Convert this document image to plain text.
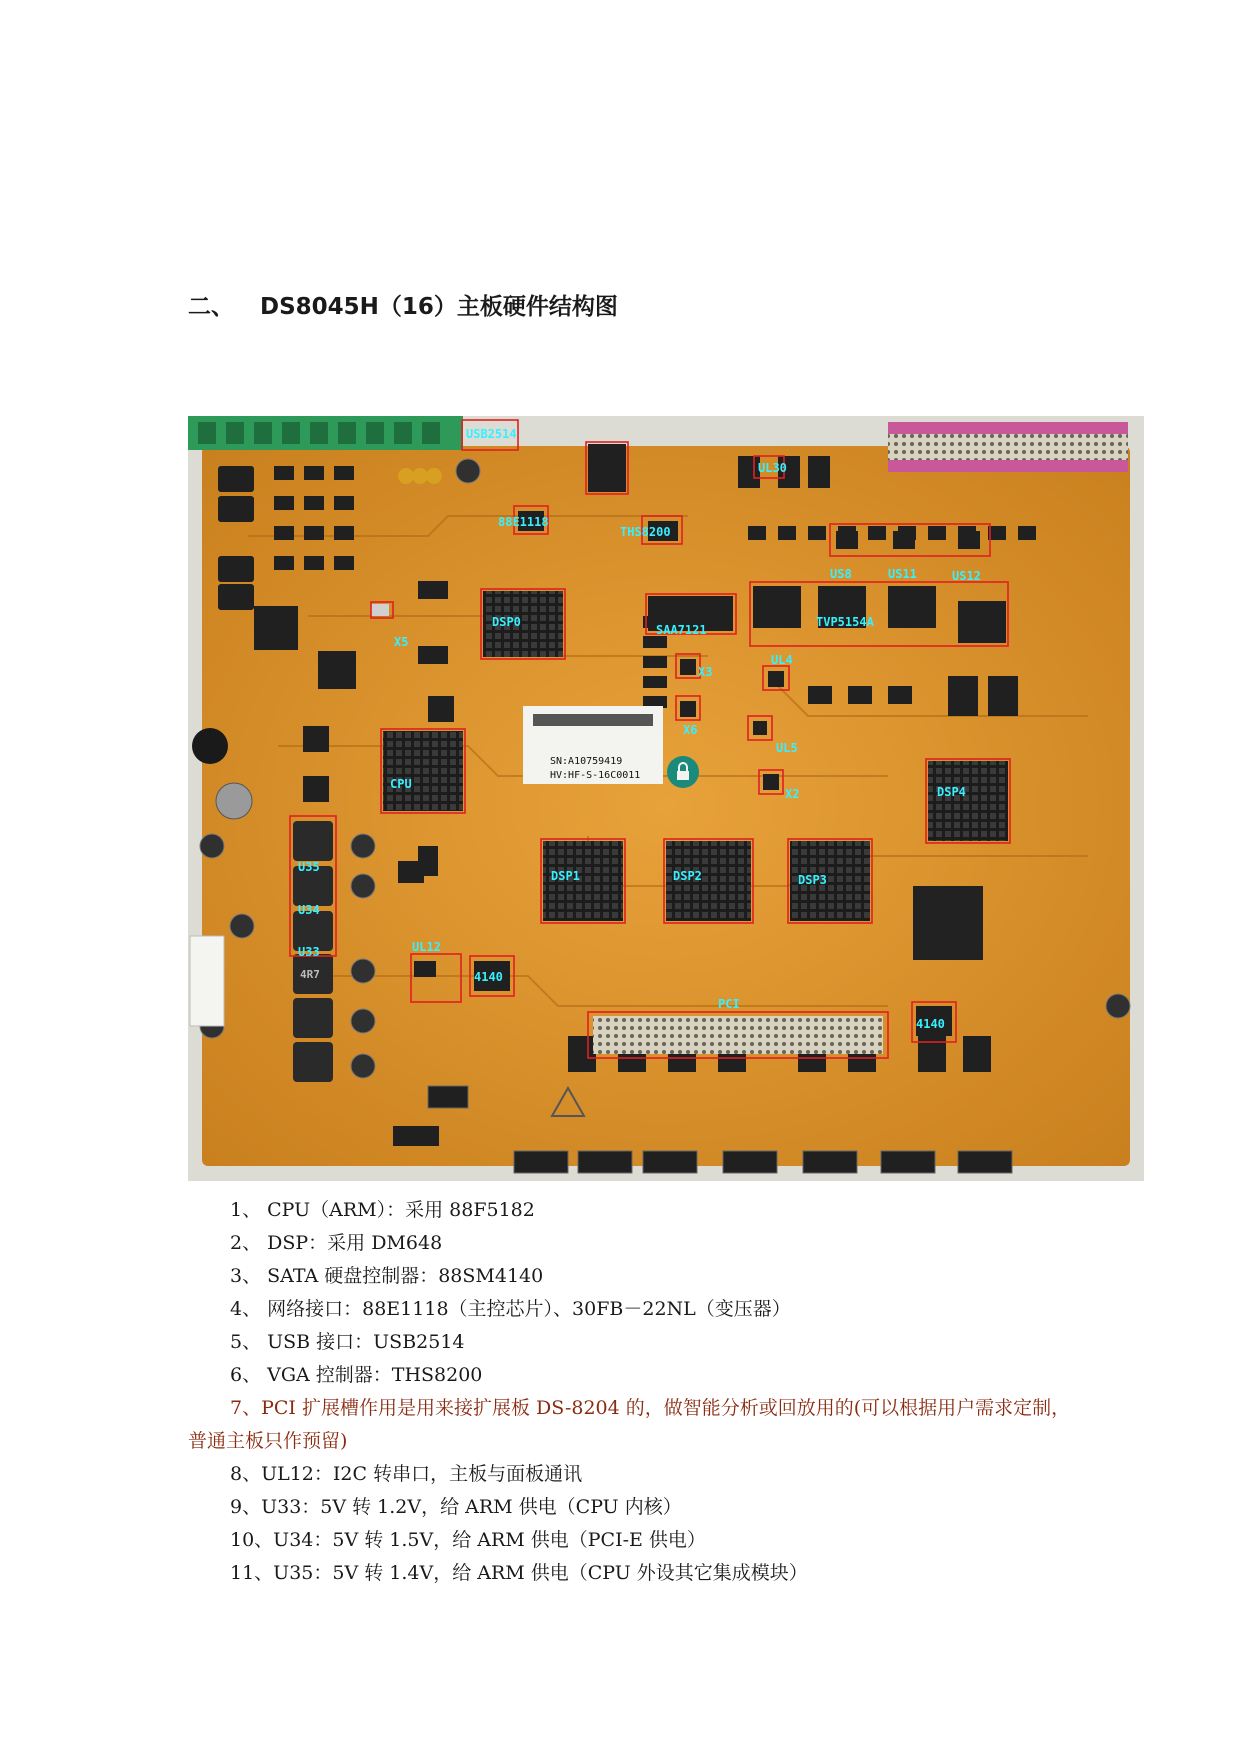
二、 DS8045H（16）主板硬件结构图
4R7
SN:A10759419
HV:HF-S-16C0011
USB2514
88E1118
THS8200
UL30
US8	US11	US12
DSP0
X5
SAA7121
TVP5154A
X3
UL4
X6
UL5
X2
CPU
DSP4
DSP1	DSP2	DSP3
U35
U34
U33	UL12
4140
PCI
4140
1、 CPU（ARM）：采用 88F5182
2、 DSP：采用 DM648
3、 SATA 硬盘控制器：88SM4140
4、 网络接口：88E1118（主控芯片）、30FB－22NL（变压器）
5、 USB 接口：USB2514
6、 VGA 控制器：THS8200
7、PCI 扩展槽作用是用来接扩展板 DS-8204 的，做智能分析或回放用的(可以根据用户需求定制，普通主板只作预留)
8、UL12：I2C 转串口，主板与面板通讯
9、U33：5V 转 1.2V，给 ARM 供电（CPU 内核）
10、U34：5V 转 1.5V，给 ARM 供电（PCI-E 供电）
11、U35：5V 转 1.4V，给 ARM 供电（CPU 外设其它集成模块）
